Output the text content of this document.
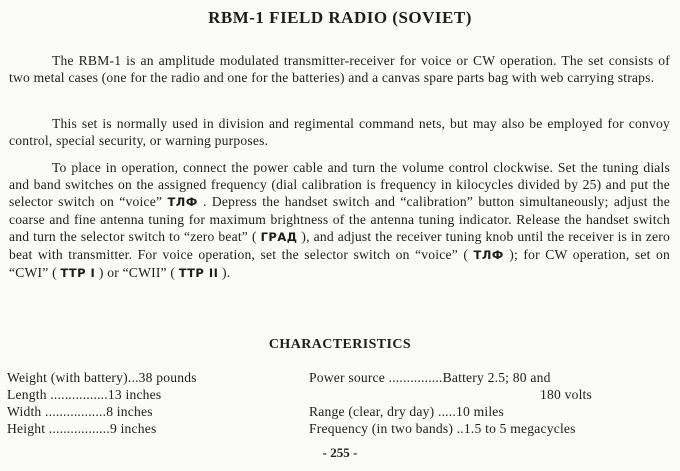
RBM-1 FIELD RADIO (SOVIET)

The RBM-1 is an amplitude modulated transmitter-receiver for voice or CW operation. The set consists of two metal cases (one for the radio and one for the batteries) and a canvas spare parts bag with web carrying straps.

This set is normally used in division and regimental command nets, but may also be employed for convoy control, special security, or warning purposes.

To place in operation, connect the power cable and turn the volume control clockwise. Set the tuning dials and band switches on the assigned frequency (dial calibration is frequency in kilocycles divided by 25) and put the selector switch on “voice” ТЛФ . Depress the handset switch and “calibration” button simultaneously; adjust the coarse and fine antenna tuning for maximum brightness of the antenna tuning indicator. Release the handset switch and turn the selector switch to “zero beat” ( ГРАД ), and adjust the receiver tuning knob until the receiver is in zero beat with transmitter. For voice operation, set the selector switch on “voice” ( ТЛФ ); for CW operation, set on “CWI” ( ТТР I ) or “CWII” ( ТТР II ).

CHARACTERISTICS
Weight (with battery)...38 pounds
Length ................13 inches
Width .................8 inches
Height .................9 inches
Power source ...............Battery 2.5; 80 and
180 volts
Range (clear, dry day) .....10 miles
Frequency (in two bands) ..1.5 to 5 megacycles
- 255 -
